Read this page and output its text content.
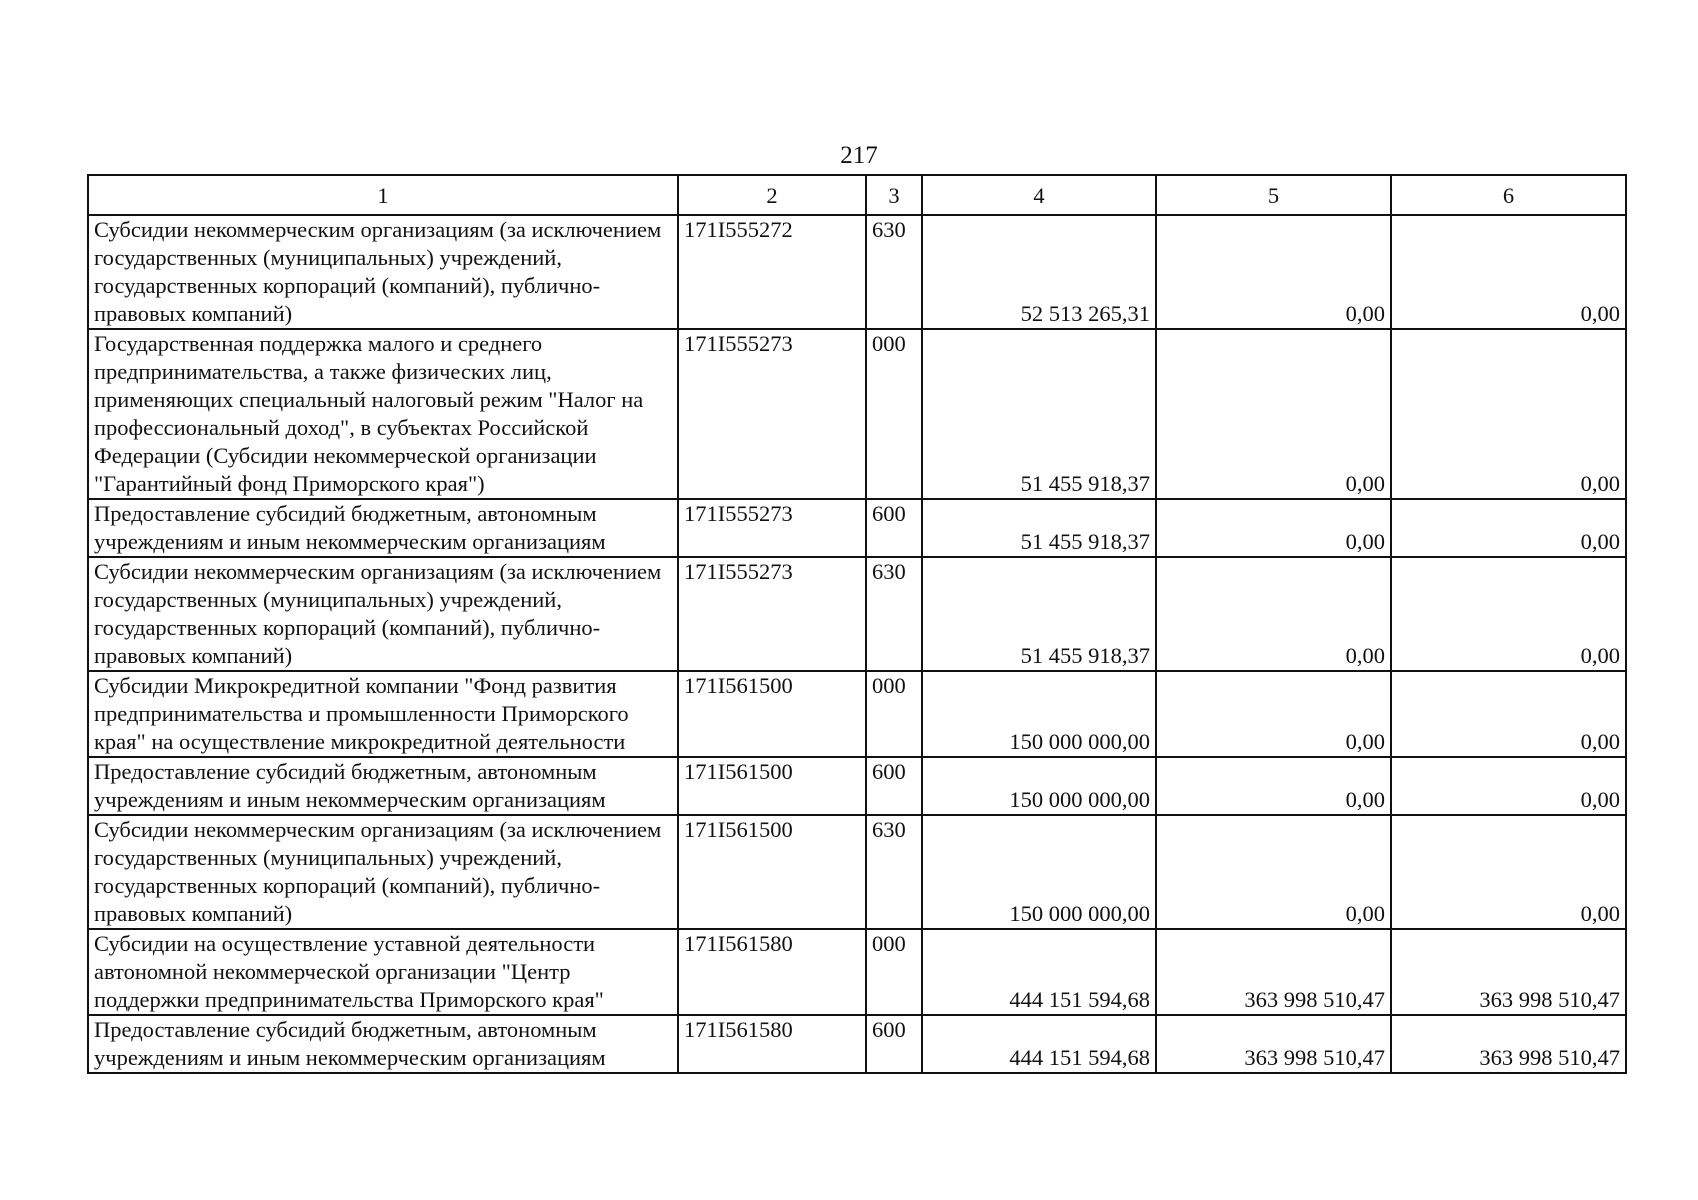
217
1	2	3	4	5	6
Субсидии некоммерческим организациям (за исключением государственных (муниципальных) учреждений, государственных корпораций (компаний), публично-правовых компаний)	171I555272	630	52 513 265,31	0,00	0,00
Государственная поддержка малого и среднего предпринимательства, а также физических лиц, применяющих специальный налоговый режим "Налог на профессиональный доход", в субъектах Российской Федерации (Субсидии некоммерческой организации "Гарантийный фонд Приморского края")	171I555273	000	51 455 918,37	0,00	0,00
Предоставление субсидий бюджетным, автономным учреждениям и иным некоммерческим организациям	171I555273	600	51 455 918,37	0,00	0,00
Субсидии некоммерческим организациям (за исключением государственных (муниципальных) учреждений, государственных корпораций (компаний), публично-правовых компаний)	171I555273	630	51 455 918,37	0,00	0,00
Субсидии Микрокредитной компании "Фонд развития предпринимательства и промышленности Приморского края" на осуществление микрокредитной деятельности	171I561500	000	150 000 000,00	0,00	0,00
Предоставление субсидий бюджетным, автономным учреждениям и иным некоммерческим организациям	171I561500	600	150 000 000,00	0,00	0,00
Субсидии некоммерческим организациям (за исключением государственных (муниципальных) учреждений, государственных корпораций (компаний), публично-правовых компаний)	171I561500	630	150 000 000,00	0,00	0,00
Субсидии на осуществление уставной деятельности автономной некоммерческой организации "Центр поддержки предпринимательства Приморского края"	171I561580	000	444 151 594,68	363 998 510,47	363 998 510,47
Предоставление субсидий бюджетным, автономным учреждениям и иным некоммерческим организациям	171I561580	600	444 151 594,68	363 998 510,47	363 998 510,47
